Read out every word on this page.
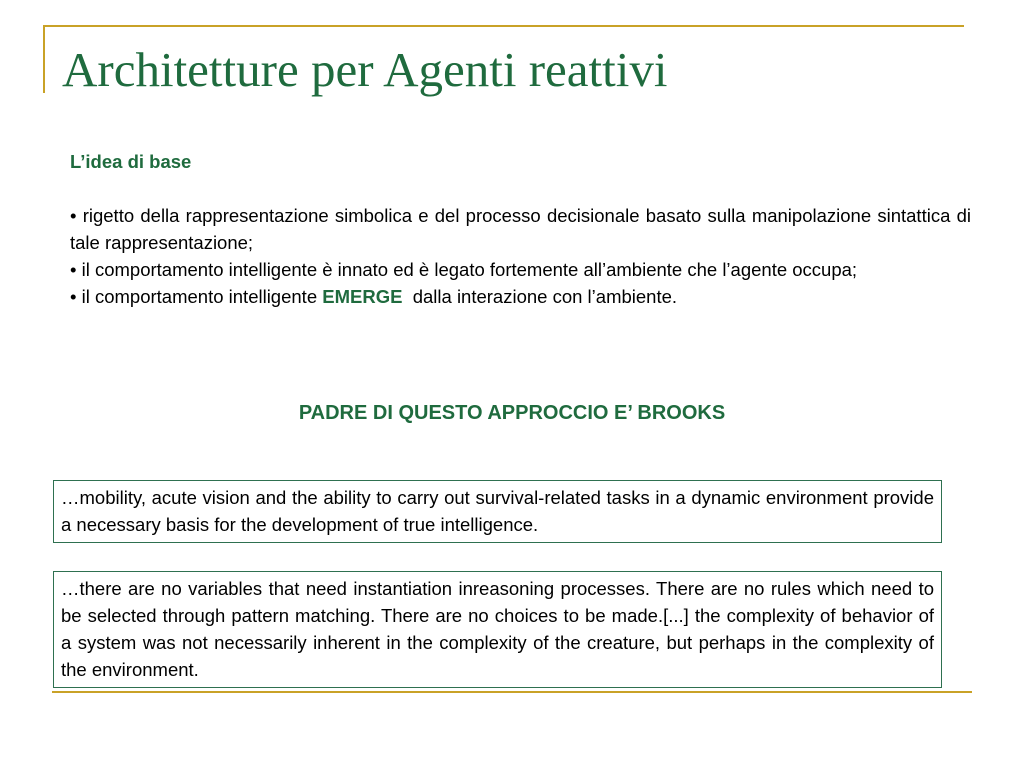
Architetture per Agenti reattivi

L’idea di base

• rigetto della rappresentazione simbolica e del processo decisionale basato sulla manipolazione sintattica di tale rappresentazione;

• il comportamento intelligente è innato ed è legato fortemente all’ambiente che l’agente occupa;

• il comportamento intelligente EMERGE  dalla interazione con l’ambiente.

PADRE DI QUESTO APPROCCIO E’ BROOKS

…mobility, acute vision and the ability to carry out survival-related tasks in a dynamic environment provide a necessary basis for the development of true intelligence.
…there are no variables that need instantiation inreasoning processes. There are no rules which need to be selected through pattern matching. There are no choices to be made.[...] the complexity of behavior of a system was not necessarily inherent in the complexity of the creature, but perhaps in the complexity of the environment.
